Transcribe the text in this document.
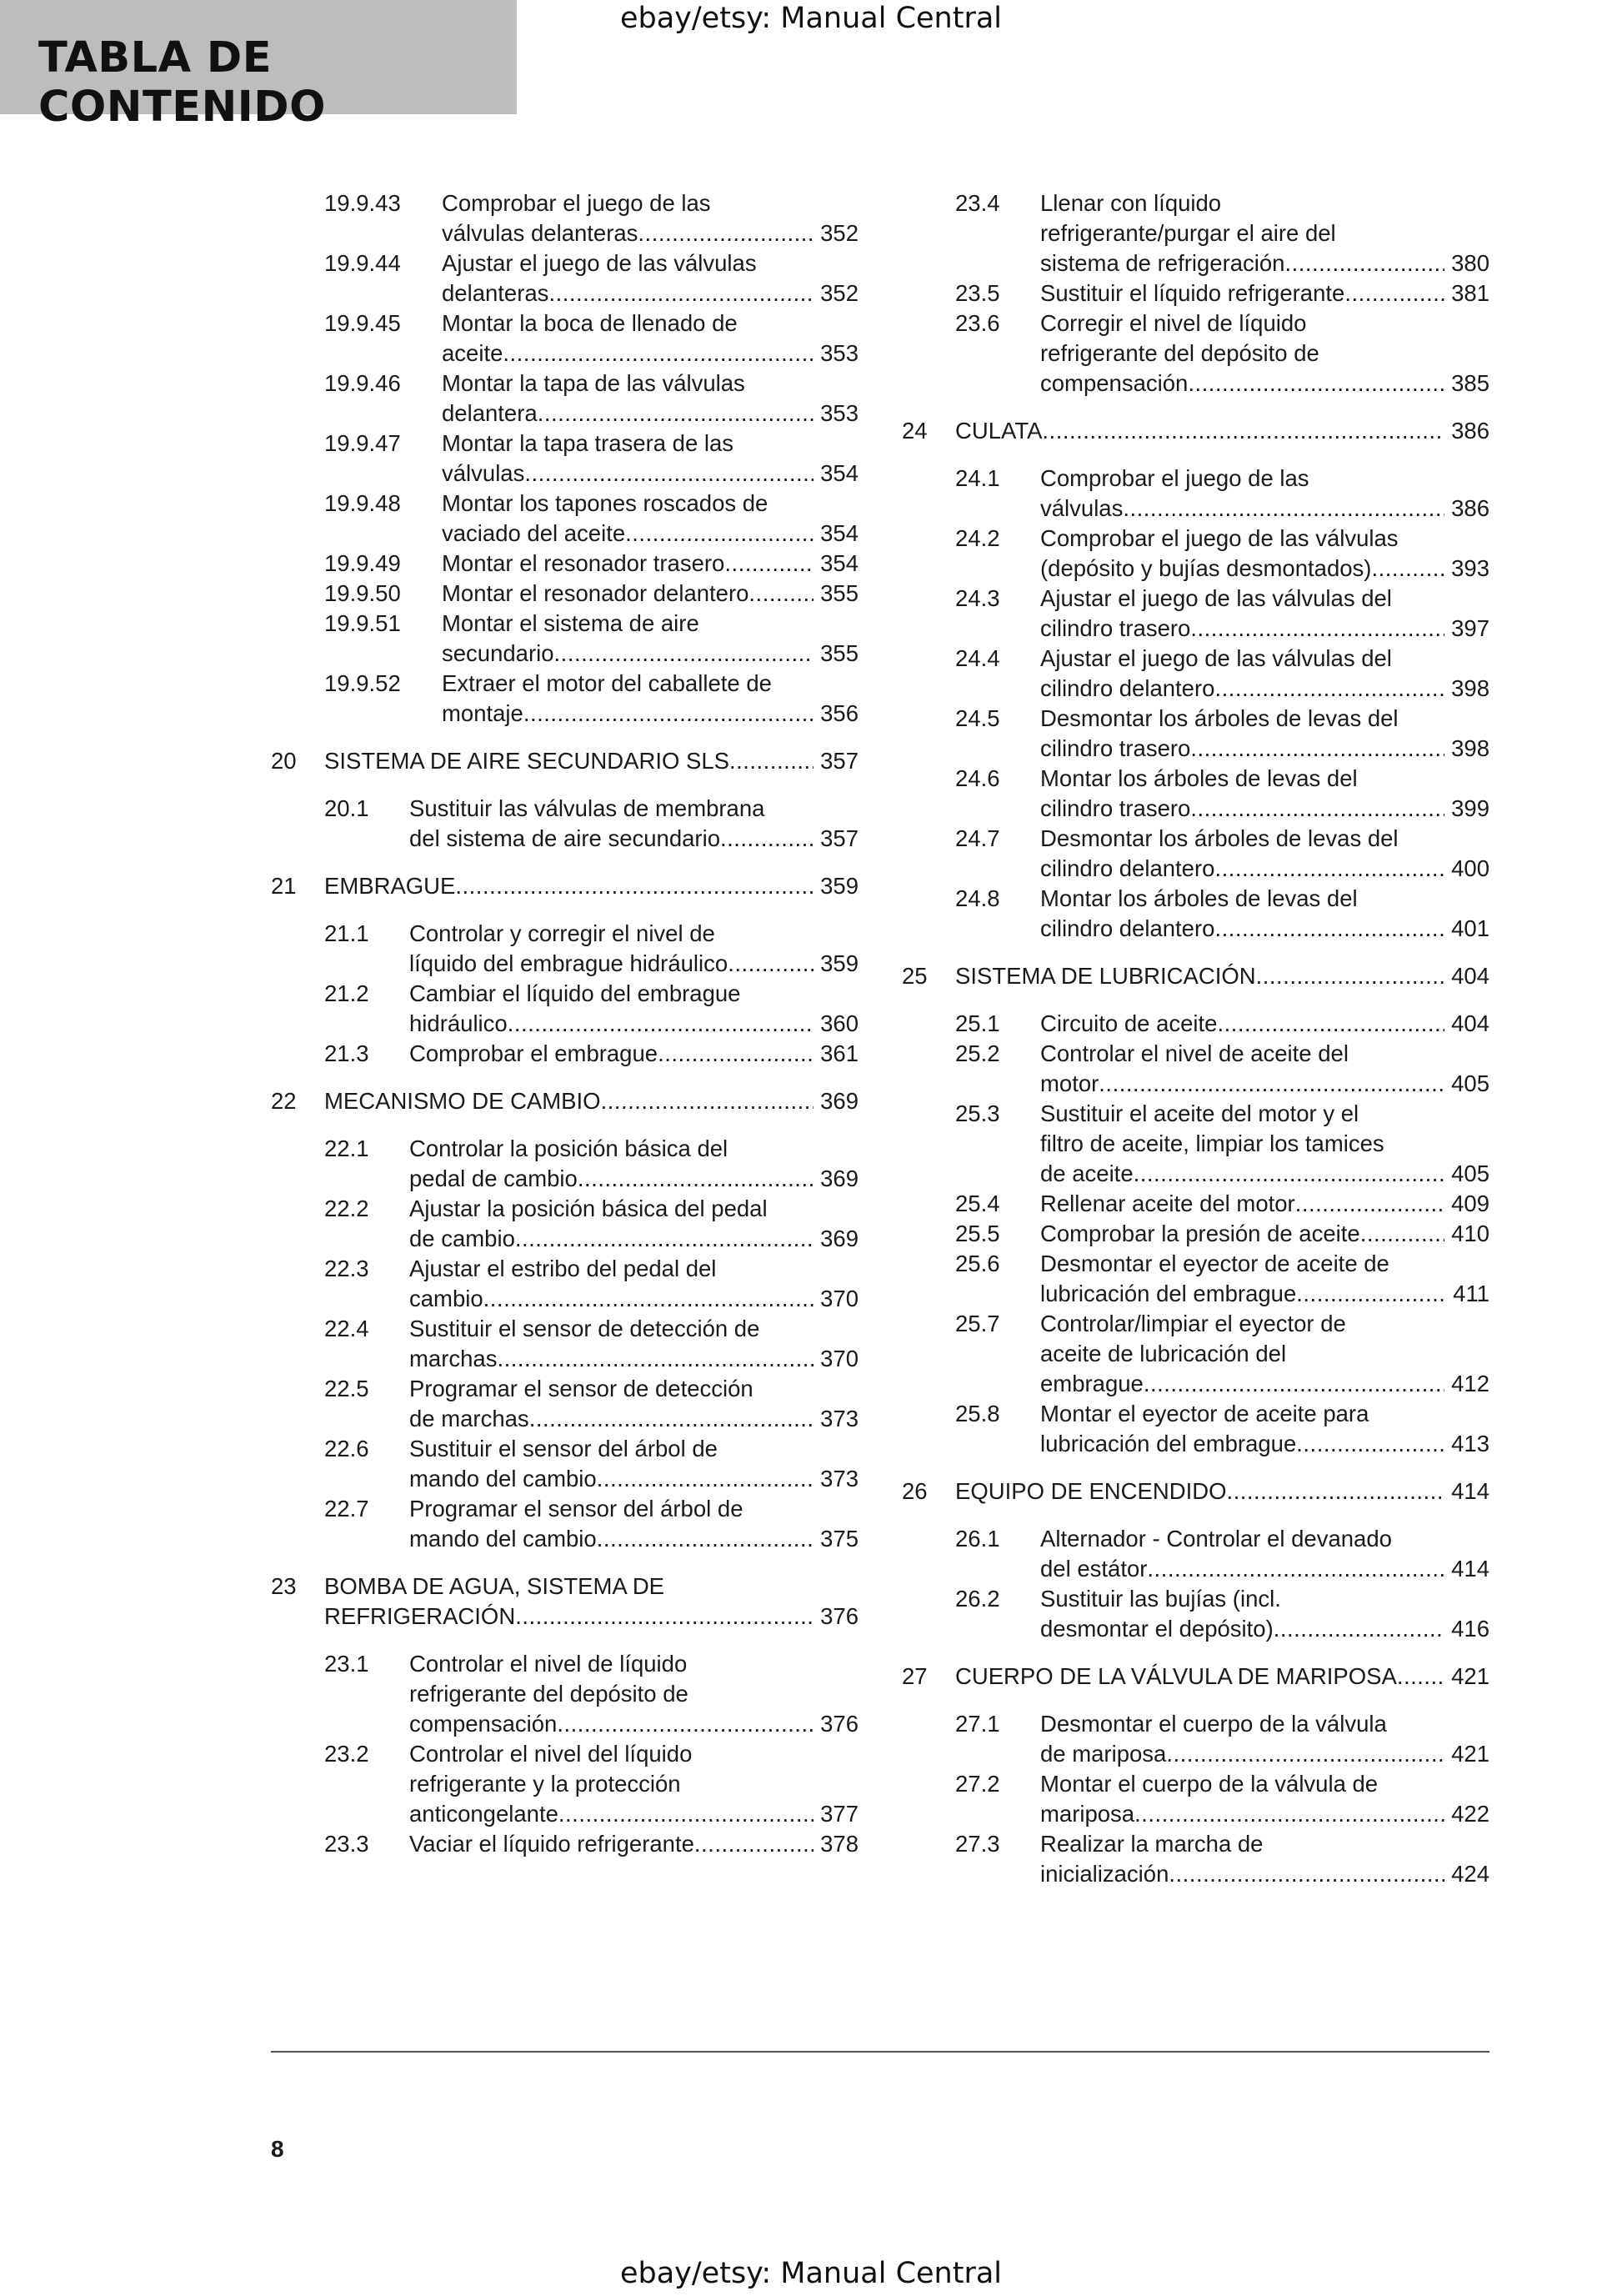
TABLA DE CONTENIDO
ebay/etsy: Manual Central
19.9.43	Comprobar el juego de las
válvulas delanteras .....	352
19.9.44	Ajustar el juego de las válvulas
delanteras .....	352
19.9.45	Montar la boca de llenado de
aceite .....	353
19.9.46	Montar la tapa de las válvulas
delantera .....	353
19.9.47	Montar la tapa trasera de las
válvulas .....	354
19.9.48	Montar los tapones roscados de
vaciado del aceite .....	354
19.9.49	Montar el resonador trasero .....	354
19.9.50	Montar el resonador delantero .....	355
19.9.51	Montar el sistema de aire
secundario .....	355
19.9.52	Extraer el motor del caballete de
montaje .....	356
20	SISTEMA DE AIRE SECUNDARIO SLS .....	357
20.1	Sustituir las válvulas de membrana
del sistema de aire secundario .....	357
21	EMBRAGUE .....	359
21.1	Controlar y corregir el nivel de
líquido del embrague hidráulico .....	359
21.2	Cambiar el líquido del embrague
hidráulico .....	360
21.3	Comprobar el embrague .....	361
22	MECANISMO DE CAMBIO .....	369
22.1	Controlar la posición básica del
pedal de cambio .....	369
22.2	Ajustar la posición básica del pedal
de cambio .....	369
22.3	Ajustar el estribo del pedal del
cambio .....	370
22.4	Sustituir el sensor de detección de
marchas .....	370
22.5	Programar el sensor de detección
de marchas .....	373
22.6	Sustituir el sensor del árbol de
mando del cambio .....	373
22.7	Programar el sensor del árbol de
mando del cambio .....	375
23	BOMBA DE AGUA, SISTEMA DE
REFRIGERACIÓN .....	376
23.1	Controlar el nivel de líquido
refrigerante del depósito de
compensación .....	376
23.2	Controlar el nivel del líquido
refrigerante y la protección
anticongelante .....	377
23.3	Vaciar el líquido refrigerante .....	378
23.4	Llenar con líquido
refrigerante/purgar el aire del
sistema de refrigeración .....	380
23.5	Sustituir el líquido refrigerante .....	381
23.6	Corregir el nivel de líquido
refrigerante del depósito de
compensación .....	385
24	CULATA .....	386
24.1	Comprobar el juego de las
válvulas .....	386
24.2	Comprobar el juego de las válvulas
(depósito y bujías desmontados) .....	393
24.3	Ajustar el juego de las válvulas del
cilindro trasero .....	397
24.4	Ajustar el juego de las válvulas del
cilindro delantero .....	398
24.5	Desmontar los árboles de levas del
cilindro trasero .....	398
24.6	Montar los árboles de levas del
cilindro trasero .....	399
24.7	Desmontar los árboles de levas del
cilindro delantero .....	400
24.8	Montar los árboles de levas del
cilindro delantero .....	401
25	SISTEMA DE LUBRICACIÓN .....	404
25.1	Circuito de aceite .....	404
25.2	Controlar el nivel de aceite del
motor .....	405
25.3	Sustituir el aceite del motor y el
filtro de aceite, limpiar los tamices
de aceite .....	405
25.4	Rellenar aceite del motor .....	409
25.5	Comprobar la presión de aceite .....	410
25.6	Desmontar el eyector de aceite de
lubricación del embrague .....	411
25.7	Controlar/limpiar el eyector de
aceite de lubricación del
embrague .....	412
25.8	Montar el eyector de aceite para
lubricación del embrague .....	413
26	EQUIPO DE ENCENDIDO .....	414
26.1	Alternador - Controlar el devanado
del estátor .....	414
26.2	Sustituir las bujías (incl.
desmontar el depósito) .....	416
27	CUERPO DE LA VÁLVULA DE MARIPOSA ..... 421
27.1	Desmontar el cuerpo de la válvula
de mariposa .....	421
27.2	Montar el cuerpo de la válvula de
mariposa .....	422
27.3	Realizar la marcha de
inicialización .....	424
8
ebay/etsy: Manual Central
